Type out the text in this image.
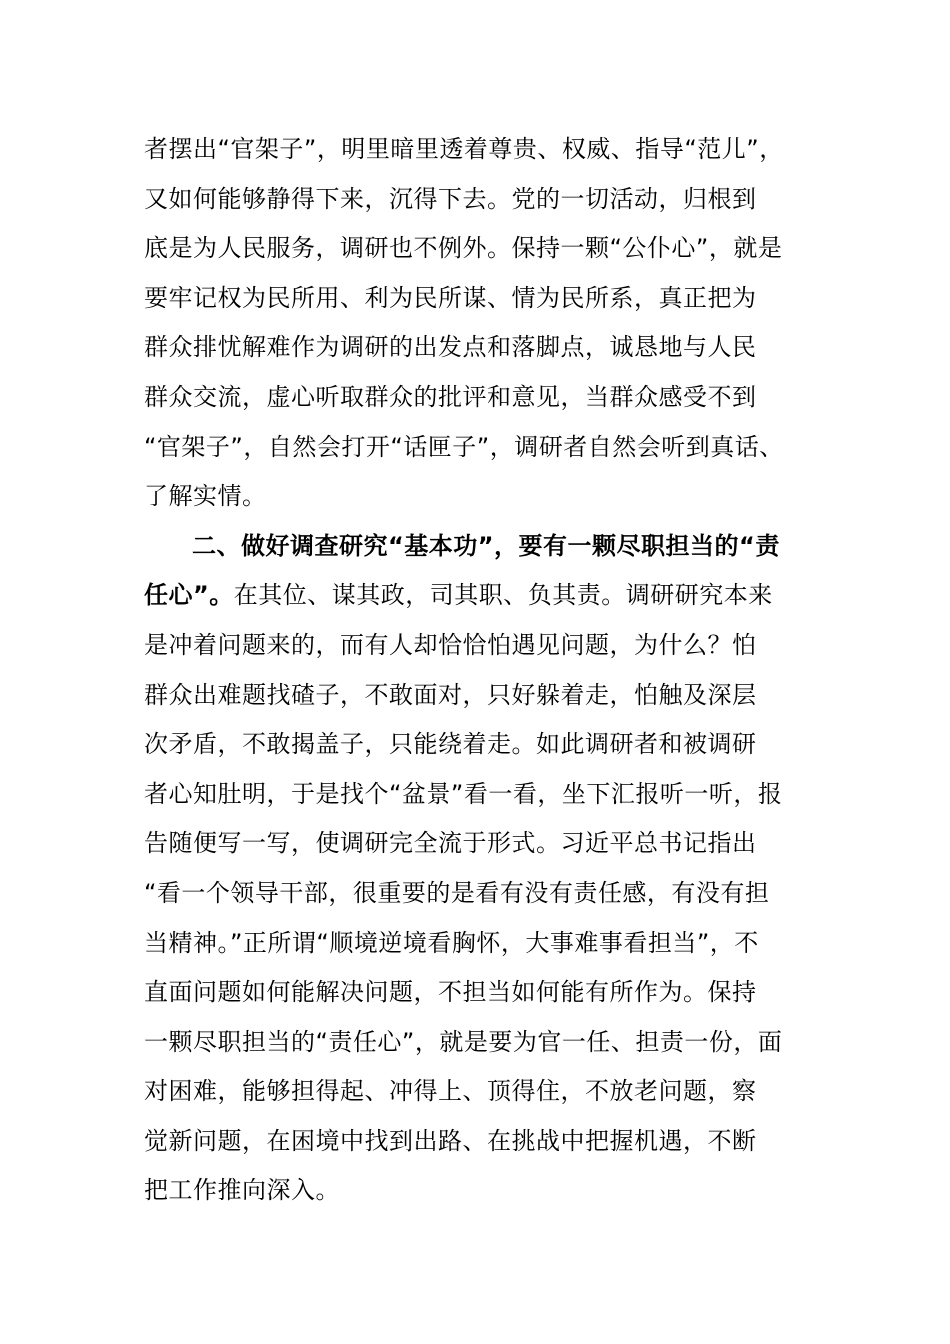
者摆出“官架子”，明里暗里透着尊贵、权威、指导“范儿”，
又如何能够静得下来，沉得下去。党的一切活动，归根到
底是为人民服务，调研也不例外。保持一颗“公仆心”，就是
要牢记权为民所用、利为民所谋、情为民所系，真正把为
群众排忧解难作为调研的出发点和落脚点，诚恳地与人民
群众交流，虚心听取群众的批评和意见，当群众感受不到
“官架子”，自然会打开“话匣子”，调研者自然会听到真话、
了解实情。
二、做好调查研究“基本功”，要有一颗尽职担当的“责
任心”。在其位、谋其政，司其职、负其责。调研研究本来
是冲着问题来的，而有人却恰恰怕遇见问题，为什么？怕
群众出难题找碴子，不敢面对，只好躲着走，怕触及深层
次矛盾，不敢揭盖子，只能绕着走。如此调研者和被调研
者心知肚明，于是找个“盆景”看一看，坐下汇报听一听，报
告随便写一写，使调研完全流于形式。习近平总书记指出
“看一个领导干部，很重要的是看有没有责任感，有没有担
当精神。”正所谓“顺境逆境看胸怀，大事难事看担当”，不
直面问题如何能解决问题，不担当如何能有所作为。保持
一颗尽职担当的“责任心”，就是要为官一任、担责一份，面
对困难，能够担得起、冲得上、顶得住，不放老问题，察
觉新问题，在困境中找到出路、在挑战中把握机遇，不断
把工作推向深入。
